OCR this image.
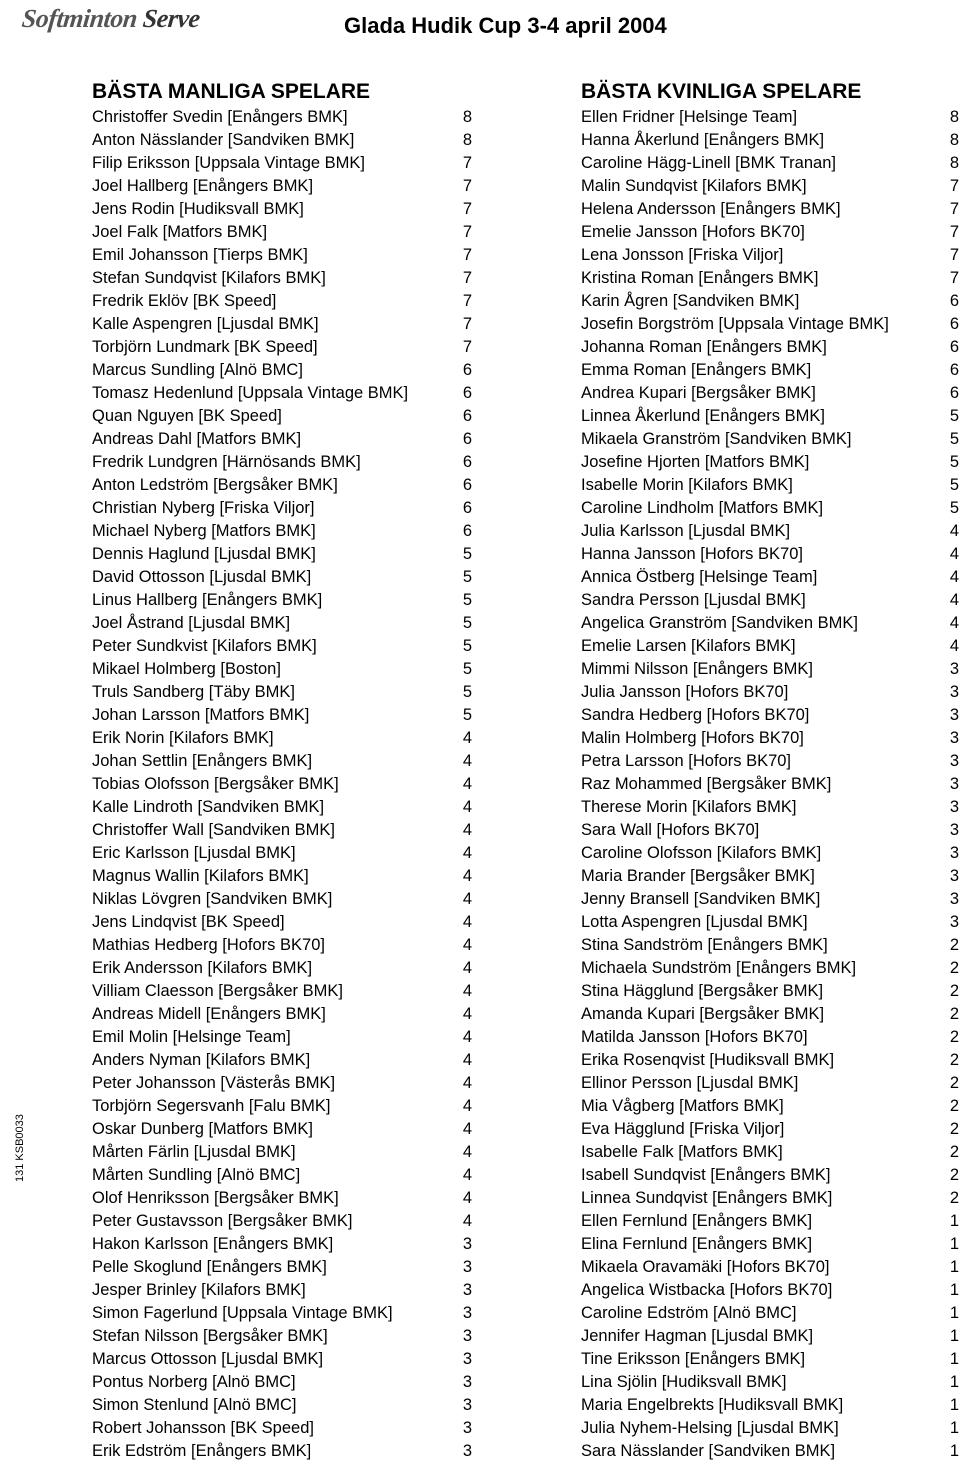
Softminton Serve	Glada Hudik Cup 3-4 april 2004
131 KSB0033
BÄSTA MANLIGA SPELARE
Christoffer Svedin [Enångers BMK]	8
Anton Nässlander [Sandviken BMK]	8
Filip Eriksson [Uppsala Vintage BMK]	7
Joel Hallberg [Enångers BMK]	7
Jens Rodin [Hudiksvall BMK]	7
Joel Falk [Matfors BMK]	7
Emil Johansson [Tierps BMK]	7
Stefan Sundqvist [Kilafors BMK]	7
Fredrik Eklöv [BK Speed]	7
Kalle Aspengren [Ljusdal BMK]	7
Torbjörn Lundmark [BK Speed]	7
Marcus Sundling [Alnö BMC]	6
Tomasz Hedenlund [Uppsala Vintage BMK]	6
Quan Nguyen [BK Speed]	6
Andreas Dahl [Matfors BMK]	6
Fredrik Lundgren [Härnösands BMK]	6
Anton Ledström [Bergsåker BMK]	6
Christian Nyberg [Friska Viljor]	6
Michael Nyberg [Matfors BMK]	6
Dennis Haglund [Ljusdal BMK]	5
David Ottosson [Ljusdal BMK]	5
Linus Hallberg [Enångers BMK]	5
Joel Åstrand [Ljusdal BMK]	5
Peter Sundkvist [Kilafors BMK]	5
Mikael Holmberg [Boston]	5
Truls Sandberg [Täby BMK]	5
Johan Larsson [Matfors BMK]	5
Erik Norin [Kilafors BMK]	4
Johan Settlin [Enångers BMK]	4
Tobias Olofsson [Bergsåker BMK]	4
Kalle Lindroth [Sandviken BMK]	4
Christoffer Wall [Sandviken BMK]	4
Eric Karlsson [Ljusdal BMK]	4
Magnus Wallin [Kilafors BMK]	4
Niklas Lövgren [Sandviken BMK]	4
Jens Lindqvist [BK Speed]	4
Mathias Hedberg [Hofors BK70]	4
Erik Andersson [Kilafors BMK]	4
Villiam Claesson [Bergsåker BMK]	4
Andreas Midell [Enångers BMK]	4
Emil Molin [Helsinge Team]	4
Anders Nyman [Kilafors BMK]	4
Peter Johansson [Västerås BMK]	4
Torbjörn Segersvanh [Falu BMK]	4
Oskar Dunberg [Matfors BMK]	4
Mårten Färlin [Ljusdal BMK]	4
Mårten Sundling [Alnö BMC]	4
Olof Henriksson [Bergsåker BMK]	4
Peter Gustavsson [Bergsåker BMK]	4
Hakon Karlsson [Enångers BMK]	3
Pelle Skoglund [Enångers BMK]	3
Jesper Brinley [Kilafors BMK]	3
Simon Fagerlund [Uppsala Vintage BMK]	3
Stefan Nilsson [Bergsåker BMK]	3
Marcus Ottosson [Ljusdal BMK]	3
Pontus Norberg [Alnö BMC]	3
Simon Stenlund [Alnö BMC]	3
Robert Johansson [BK Speed]	3
Erik Edström [Enångers BMK]	3
BÄSTA KVINLIGA SPELARE
Ellen Fridner [Helsinge Team]	8
Hanna Åkerlund [Enångers BMK]	8
Caroline Hägg-Linell [BMK Tranan]	8
Malin Sundqvist [Kilafors BMK]	7
Helena Andersson [Enångers BMK]	7
Emelie Jansson [Hofors BK70]	7
Lena Jonsson [Friska Viljor]	7
Kristina Roman [Enångers BMK]	7
Karin Ågren [Sandviken BMK]	6
Josefin Borgström [Uppsala Vintage BMK]	6
Johanna Roman [Enångers BMK]	6
Emma Roman [Enångers BMK]	6
Andrea Kupari [Bergsåker BMK]	6
Linnea Åkerlund [Enångers BMK]	5
Mikaela Granström [Sandviken BMK]	5
Josefine Hjorten [Matfors BMK]	5
Isabelle Morin [Kilafors BMK]	5
Caroline Lindholm [Matfors BMK]	5
Julia Karlsson [Ljusdal BMK]	4
Hanna Jansson [Hofors BK70]	4
Annica Östberg [Helsinge Team]	4
Sandra Persson [Ljusdal BMK]	4
Angelica Granström [Sandviken BMK]	4
Emelie Larsen [Kilafors BMK]	4
Mimmi Nilsson [Enångers BMK]	3
Julia Jansson [Hofors BK70]	3
Sandra Hedberg [Hofors BK70]	3
Malin Holmberg [Hofors BK70]	3
Petra Larsson [Hofors BK70]	3
Raz Mohammed [Bergsåker BMK]	3
Therese Morin [Kilafors BMK]	3
Sara Wall [Hofors BK70]	3
Caroline Olofsson [Kilafors BMK]	3
Maria Brander [Bergsåker BMK]	3
Jenny Bransell [Sandviken BMK]	3
Lotta Aspengren [Ljusdal BMK]	3
Stina Sandström [Enångers BMK]	2
Michaela Sundström [Enångers BMK]	2
Stina Hägglund [Bergsåker BMK]	2
Amanda Kupari [Bergsåker BMK]	2
Matilda Jansson [Hofors BK70]	2
Erika Rosenqvist [Hudiksvall BMK]	2
Ellinor Persson [Ljusdal BMK]	2
Mia Vågberg [Matfors BMK]	2
Eva Hägglund [Friska Viljor]	2
Isabelle Falk [Matfors BMK]	2
Isabell Sundqvist [Enångers BMK]	2
Linnea Sundqvist [Enångers BMK]	2
Ellen Fernlund [Enångers BMK]	1
Elina Fernlund [Enångers BMK]	1
Mikaela Oravamäki [Hofors BK70]	1
Angelica Wistbacka [Hofors BK70]	1
Caroline Edström [Alnö BMC]	1
Jennifer Hagman [Ljusdal BMK]	1
Tine Eriksson [Enångers BMK]	1
Lina Sjölin [Hudiksvall BMK]	1
Maria Engelbrekts [Hudiksvall BMK]	1
Julia Nyhem-Helsing [Ljusdal BMK]	1
Sara Nässlander [Sandviken BMK]	1
